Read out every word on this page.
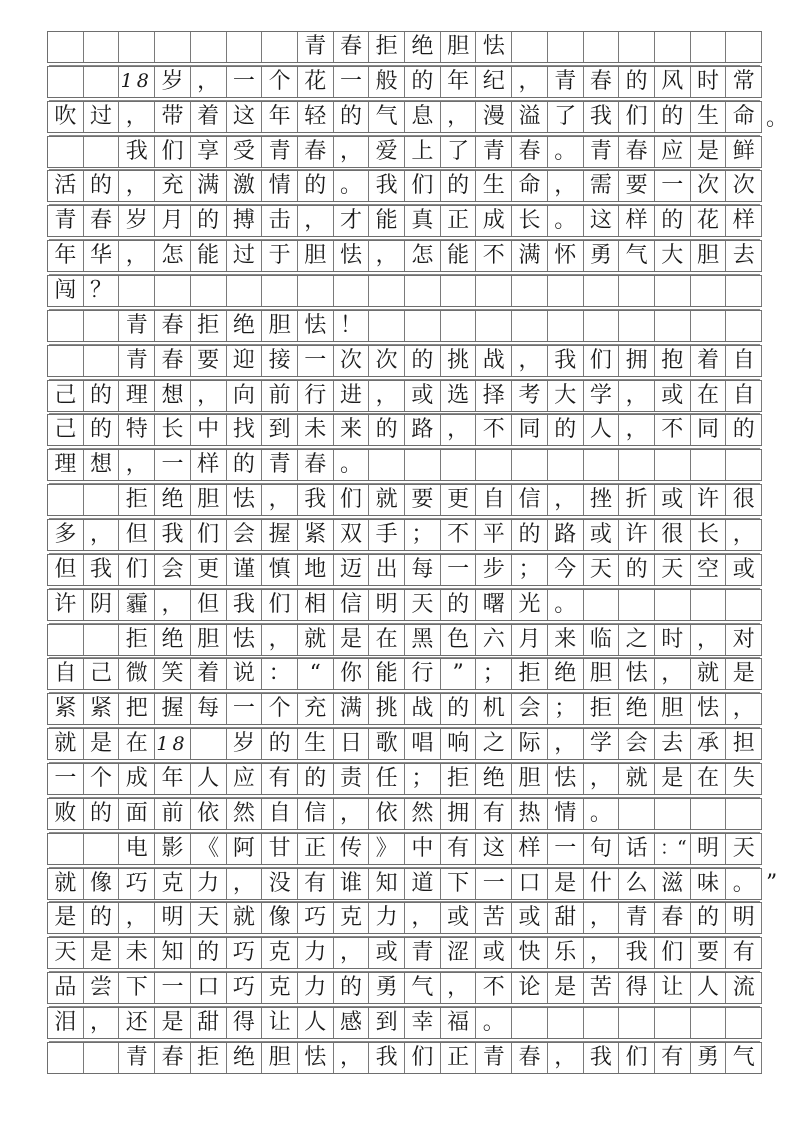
青 春 拒 绝 胆 怯
18 岁 ， 一 个 花 一 般 的 年 纪 ， 青 春 的 风 时 常
吹 过 ， 带 着 这 年 轻 的 气 息 ， 漫 溢 了 我 们 的 生 命 。
我 们 享 受 青 春 ， 爱 上 了 青 春 。 青 春 应 是 鲜
活 的 ， 充 满 激 情 的 。 我 们 的 生 命 ， 需 要 一 次 次
青 春 岁 月 的 搏 击 ， 才 能 真 正 成 长 。 这 样 的 花 样
年 华 ， 怎 能 过 于 胆 怯 ， 怎 能 不 满 怀 勇 气 大 胆 去
闯 ？
青 春 拒 绝 胆 怯 ！
青 春 要 迎 接 一 次 次 的 挑 战 ， 我 们 拥 抱 着 自
己 的 理 想 ， 向 前 行 进 ， 或 选 择 考 大 学 ， 或 在 自
己 的 特 长 中 找 到 未 来 的 路 ， 不 同 的 人 ， 不 同 的
理 想 ， 一 样 的 青 春 。
拒 绝 胆 怯 ， 我 们 就 要 更 自 信 ， 挫 折 或 许 很
多 ， 但 我 们 会 握 紧 双 手 ； 不 平 的 路 或 许 很 长 ，
但 我 们 会 更 谨 慎 地 迈 出 每 一 步 ； 今 天 的 天 空 或
许 阴 霾 ， 但 我 们 相 信 明 天 的 曙 光 。
拒 绝 胆 怯 ， 就 是 在 黑 色 六 月 来 临 之 时 ， 对
自 己 微 笑 着 说 ： “ 你 能 行 ” ； 拒 绝 胆 怯 ， 就 是
紧 紧 把 握 每 一 个 充 满 挑 战 的 机 会 ； 拒 绝 胆 怯 ，
就 是 在 18 岁 的 生 日 歌 唱 响 之 际 ， 学 会 去 承 担
一 个 成 年 人 应 有 的 责 任 ； 拒 绝 胆 怯 ， 就 是 在 失
败 的 面 前 依 然 自 信 ， 依 然 拥 有 热 情 。
电 影 《 阿 甘 正 传 》 中 有 这 样 一 句 话 ：“ 明 天
就 像 巧 克 力 ， 没 有 谁 知 道 下 一 口 是 什 么 滋 味 。 ”
是 的 ， 明 天 就 像 巧 克 力 ， 或 苦 或 甜 ， 青 春 的 明
天 是 未 知 的 巧 克 力 ， 或 青 涩 或 快 乐 ， 我 们 要 有
品 尝 下 一 口 巧 克 力 的 勇 气 ， 不 论 是 苦 得 让 人 流
泪 ， 还 是 甜 得 让 人 感 到 幸 福 。
青 春 拒 绝 胆 怯 ， 我 们 正 青 春 ， 我 们 有 勇 气
